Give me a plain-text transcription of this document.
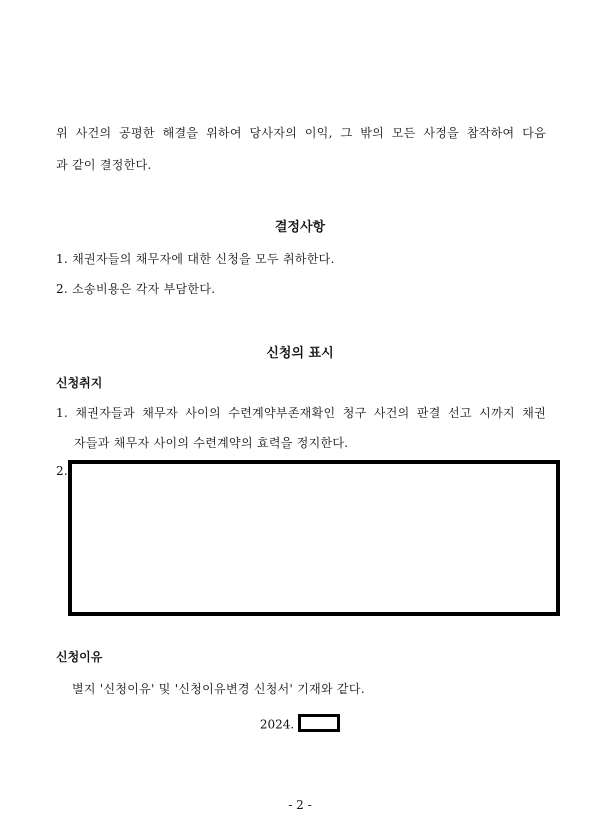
위 사건의 공평한 해결을 위하여 당사자의 이익, 그 밖의 모든 사정을 참작하여 다음
과 같이 결정한다.
결정사항
1. 채권자들의 채무자에 대한 신청을 모두 취하한다.
2. 소송비용은 각자 부담한다.
신청의 표시
신청취지
1. 채권자들과 채무자 사이의 수련계약부존재확인 청구 사건의 판결 선고 시까지 채권
자들과 채무자 사이의 수련계약의 효력을 정지한다.
2.
신청이유
별지 '신청이유' 및 '신청이유변경 신청서' 기재와 같다.
2024.
- 2 -
